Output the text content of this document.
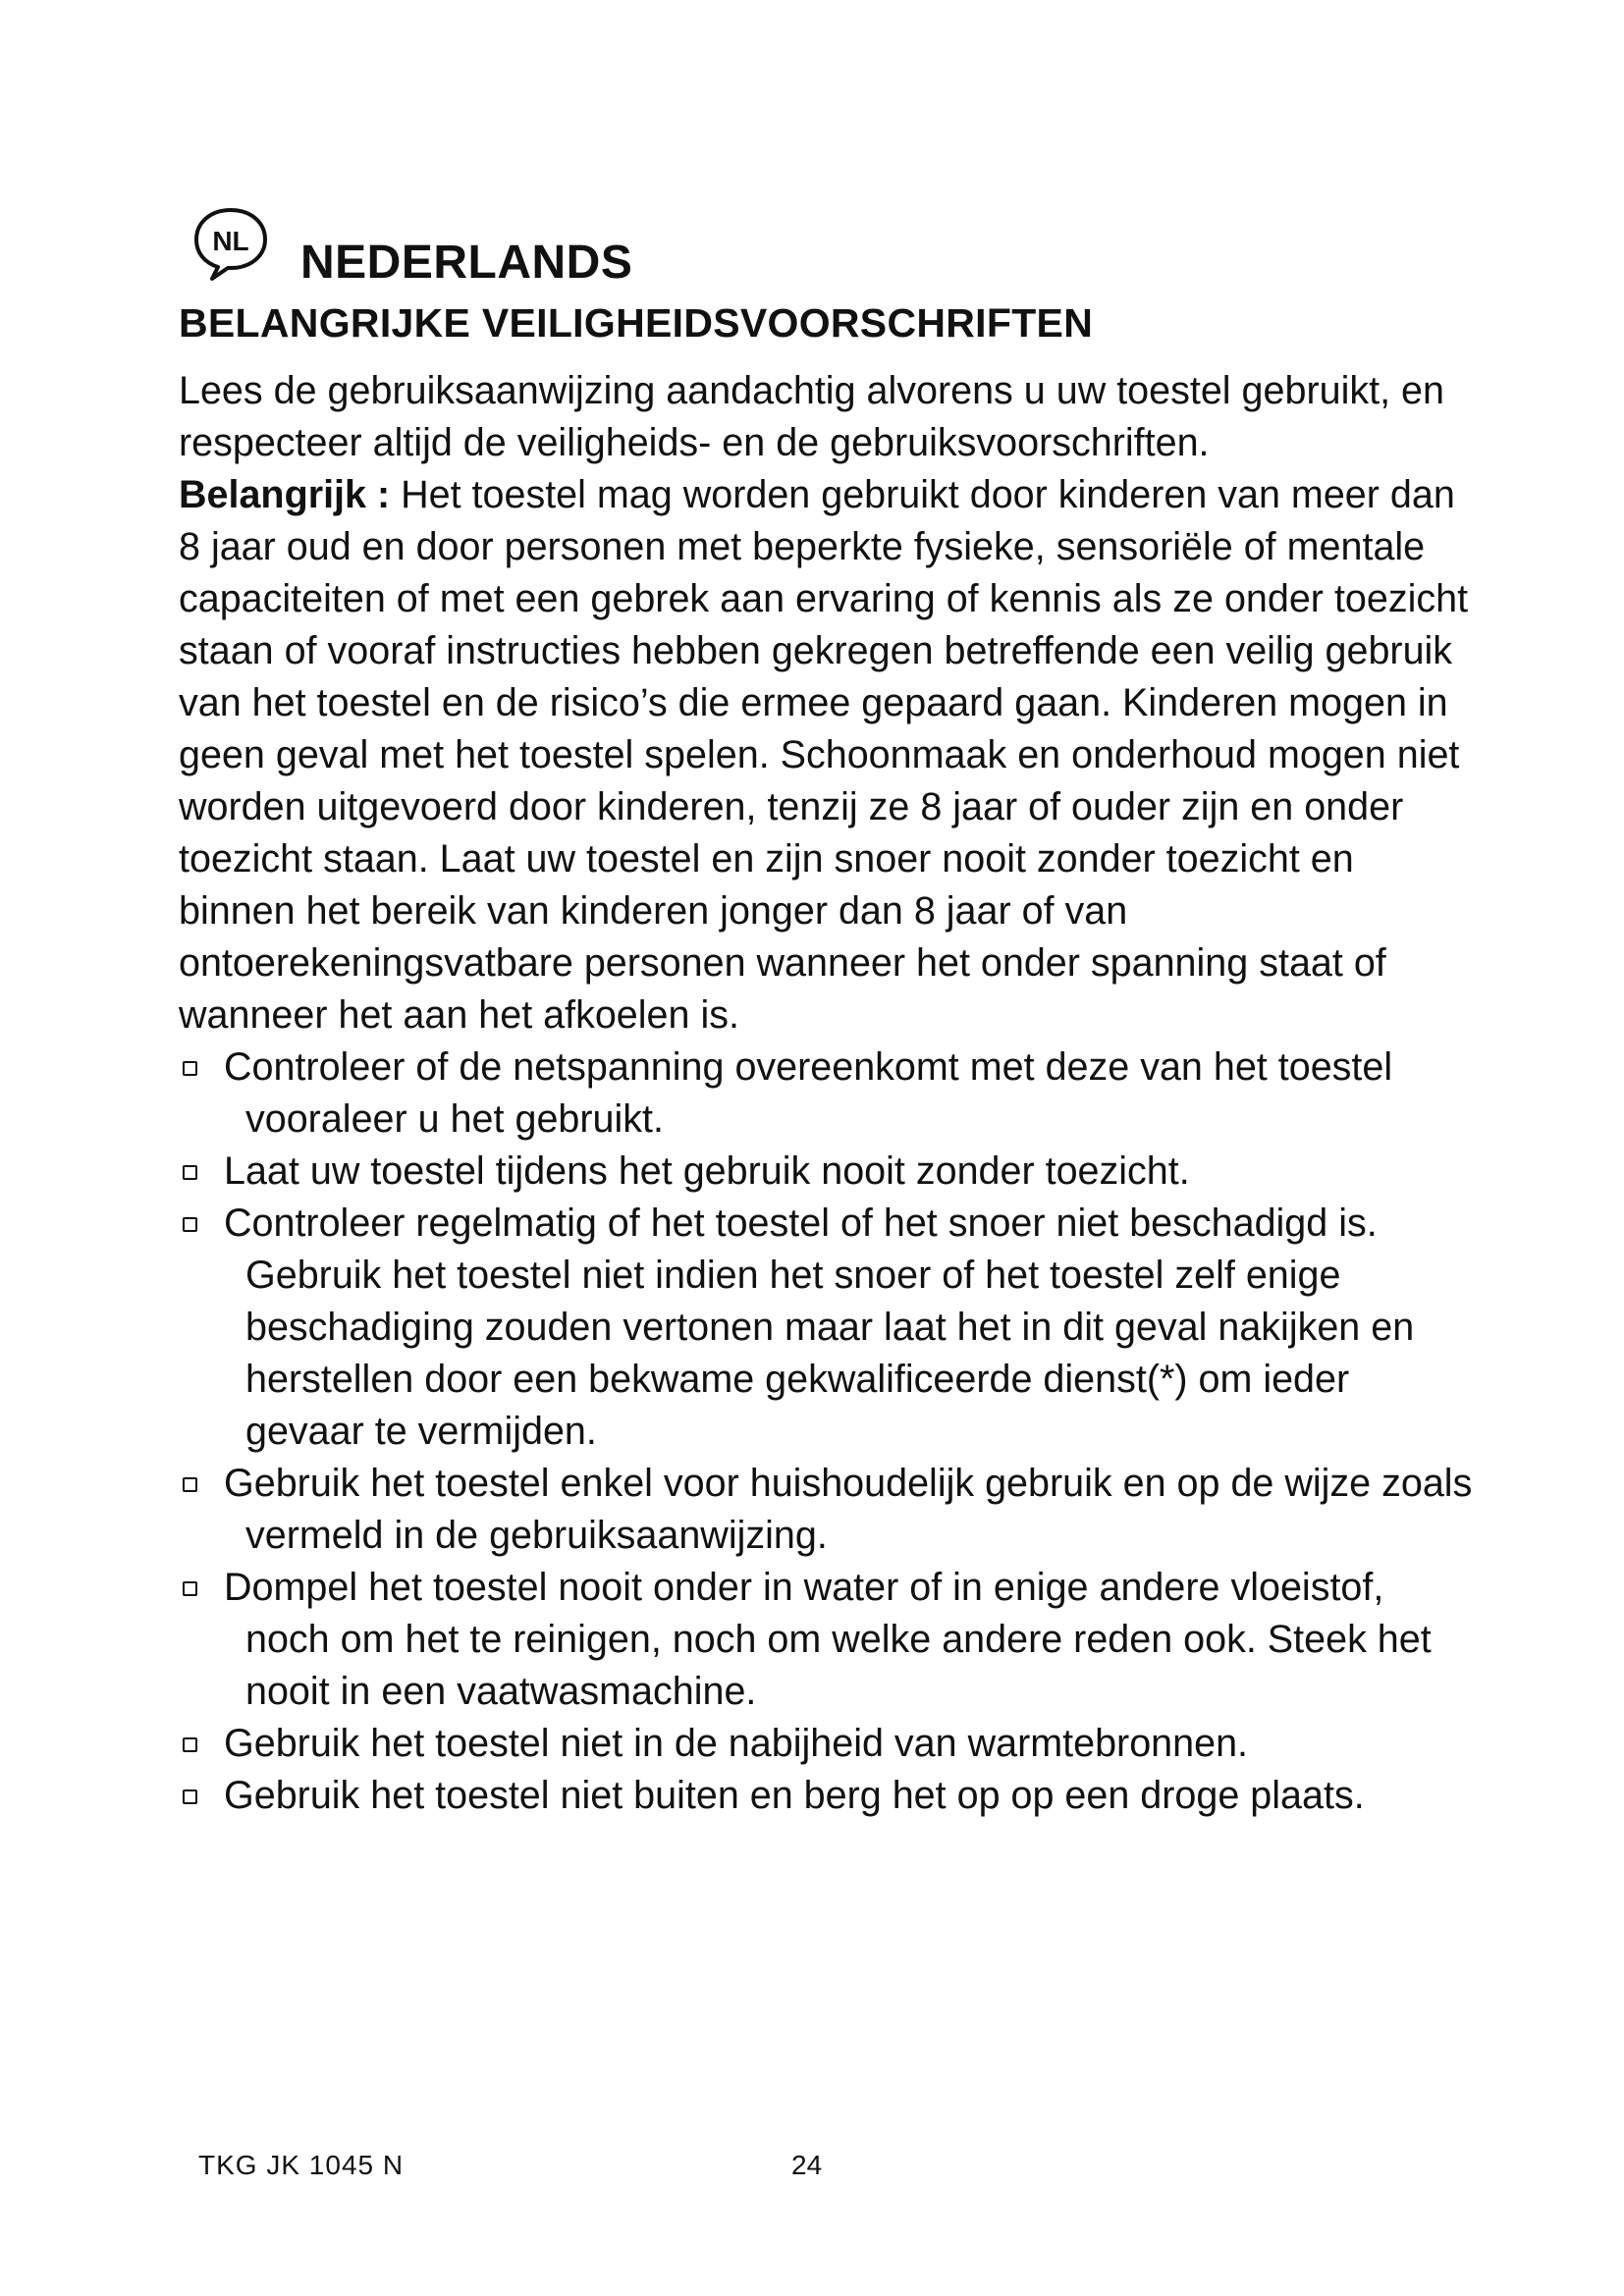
NL NEDERLANDS
BELANGRIJKE VEILIGHEIDSVOORSCHRIFTEN

Lees de gebruiksaanwijzing aandachtig alvorens u uw toestel gebruikt, en respecteer altijd de veiligheids- en de gebruiksvoorschriften.

Belangrijk : Het toestel mag worden gebruikt door kinderen van meer dan 8 jaar oud en door personen met beperkte fysieke, sensoriële of mentale capaciteiten of met een gebrek aan ervaring of kennis als ze onder toezicht staan of vooraf instructies hebben gekregen betreffende een veilig gebruik van het toestel en de risico’s die ermee gepaard gaan. Kinderen mogen in geen geval met het toestel spelen. Schoonmaak en onderhoud mogen niet worden uitgevoerd door kinderen, tenzij ze 8 jaar of ouder zijn en onder toezicht staan. Laat uw toestel en zijn snoer nooit zonder toezicht en binnen het bereik van kinderen jonger dan 8 jaar of van ontoerekeningsvatbare personen wanneer het onder spanning staat of wanneer het aan het afkoelen is.

Controleer of de netspanning overeenkomt met deze van het toestel vooraleer u het gebruikt.
Laat uw toestel tijdens het gebruik nooit zonder toezicht.
Controleer regelmatig of het toestel of het snoer niet beschadigd is. Gebruik het toestel niet indien het snoer of het toestel zelf enige beschadiging zouden vertonen maar laat het in dit geval nakijken en herstellen door een bekwame gekwalificeerde dienst(*) om ieder gevaar te vermijden.
Gebruik het toestel enkel voor huishoudelijk gebruik en op de wijze zoals vermeld in de gebruiksaanwijzing.
Dompel het toestel nooit onder in water of in enige andere vloeistof, noch om het te reinigen, noch om welke andere reden ook. Steek het nooit in een vaatwasmachine.
Gebruik het toestel niet in de nabijheid van warmtebronnen.
Gebruik het toestel niet buiten en berg het op op een droge plaats.
TKG JK 1045 N	24
